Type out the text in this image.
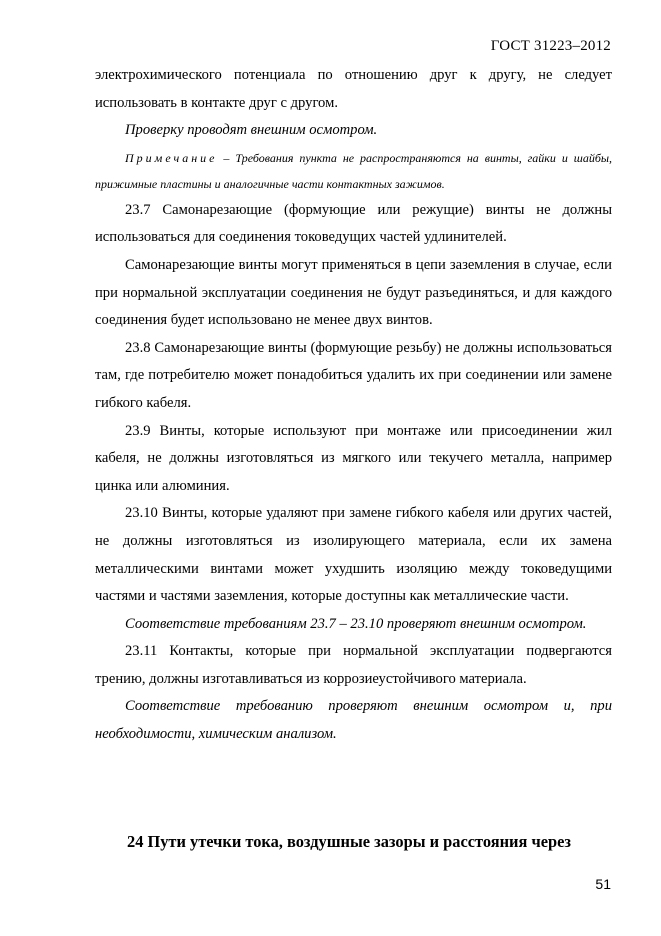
ГОСТ 31223–2012

электрохимического потенциала по отношению друг к другу, не следует использовать в контакте друг с другом.

Проверку проводят внешним осмотром.

Примечание – Требования пункта не распространяются на винты, гайки и шайбы, прижимные пластины и аналогичные части контактных зажимов.

23.7 Самонарезающие (формующие или режущие) винты не должны использоваться для соединения токоведущих частей удлинителей.

Самонарезающие винты могут применяться в цепи заземления в случае, если при нормальной эксплуатации соединения не будут разъединяться, и для каждого соединения будет использовано не менее двух винтов.

23.8 Самонарезающие винты (формующие резьбу) не должны использоваться там, где потребителю может понадобиться удалить их при соединении или замене гибкого кабеля.

23.9 Винты, которые используют при монтаже или присоединении жил кабеля, не должны изготовляться из мягкого или текучего металла, например цинка или алюминия.

23.10 Винты, которые удаляют при замене гибкого кабеля или других частей, не должны изготовляться из изолирующего материала, если их замена металлическими винтами может ухудшить изоляцию между токоведущими частями и частями заземления, которые доступны как металлические части.

Соответствие требованиям 23.7 – 23.10 проверяют внешним осмотром.

23.11 Контакты, которые при нормальной эксплуатации подвергаются трению, должны изготавливаться из коррозиеустойчивого материала.

Соответствие требованию проверяют внешним осмотром и, при необходимости, химическим анализом.

24 Пути утечки тока, воздушные зазоры и расстояния через
51
